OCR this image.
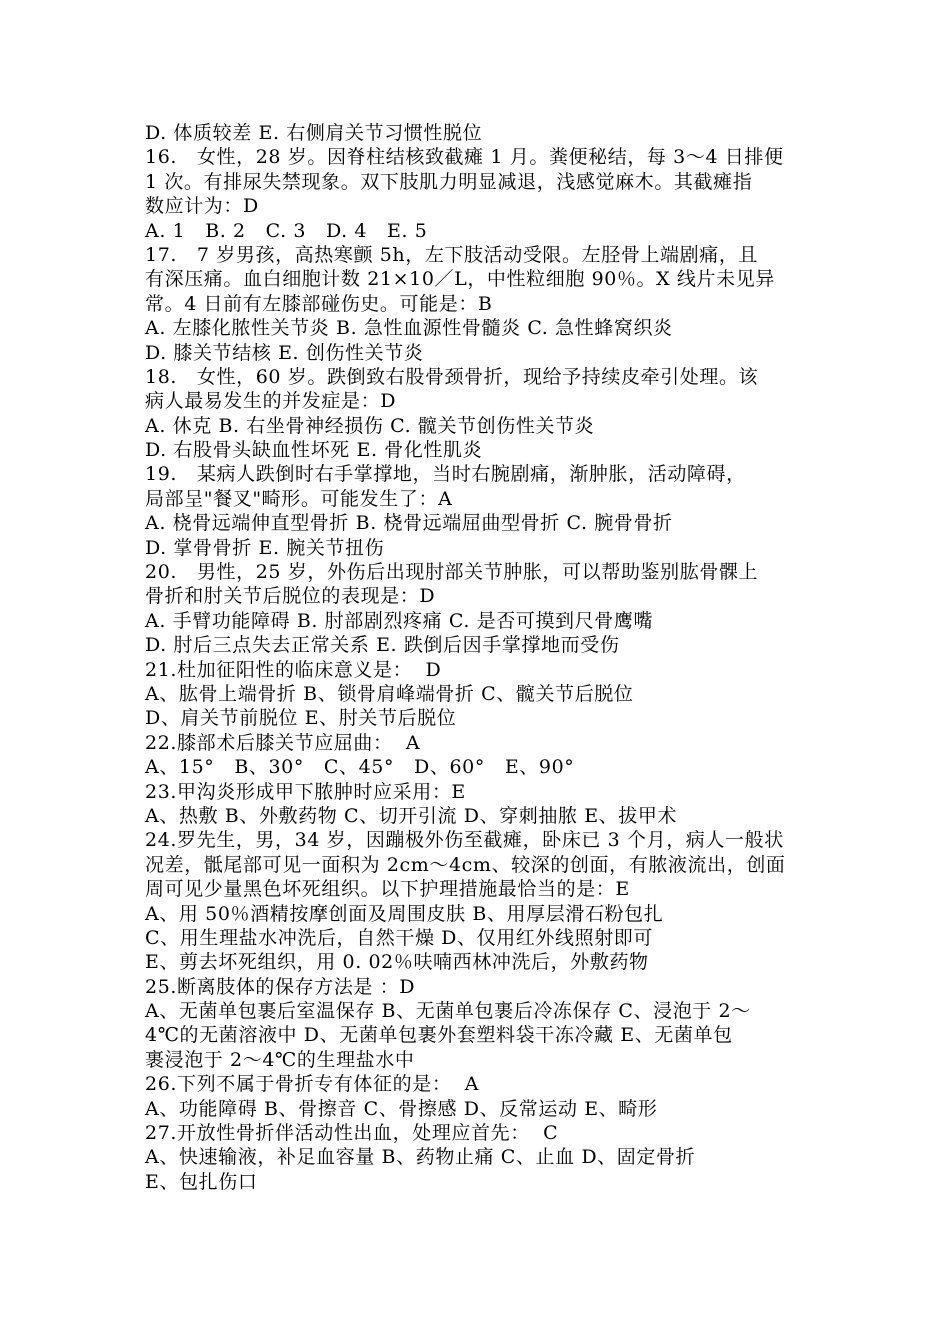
D. 体质较差 E. 右侧肩关节习惯性脱位
16.   女性，28 岁。因脊柱结核致截瘫 1 月。粪便秘结，每 3～4 日排便
1 次。有排尿失禁现象。双下肢肌力明显减退，浅感觉麻木。其截瘫指
数应计为：D
A. 1   B. 2   C. 3   D. 4   E. 5
17.   7 岁男孩，高热寒颤 5h，左下肢活动受限。左胫骨上端剧痛，且
有深压痛。血白细胞计数 21×10／L，中性粒细胞 90％。X 线片未见异
常。4 日前有左膝部碰伤史。可能是：B
A. 左膝化脓性关节炎 B. 急性血源性骨髓炎 C. 急性蜂窝织炎
D. 膝关节结核 E. 创伤性关节炎
18.   女性，60 岁。跌倒致右股骨颈骨折，现给予持续皮牵引处理。该
病人最易发生的并发症是：D
A. 休克 B. 右坐骨神经损伤 C. 髋关节创伤性关节炎
D. 右股骨头缺血性坏死 E. 骨化性肌炎
19.   某病人跌倒时右手掌撑地，当时右腕剧痛，渐肿胀，活动障碍，
局部呈"餐叉"畸形。可能发生了：A
A. 桡骨远端伸直型骨折 B. 桡骨远端屈曲型骨折 C. 腕骨骨折
D. 掌骨骨折 E. 腕关节扭伤
20.   男性，25 岁，外伤后出现肘部关节肿胀，可以帮助鉴别肱骨髁上
骨折和肘关节后脱位的表现是：D
A. 手臂功能障碍 B. 肘部剧烈疼痛 C. 是否可摸到尺骨鹰嘴
D. 肘后三点失去正常关系 E. 跌倒后因手掌撑地而受伤
21.杜加征阳性的临床意义是：  D
A、肱骨上端骨折 B、锁骨肩峰端骨折 C、髋关节后脱位
D、肩关节前脱位 E、肘关节后脱位
22.膝部术后膝关节应屈曲：  A
A、15°   B、30°   C、45°   D、60°   E、90°
23.甲沟炎形成甲下脓肿时应采用：E
A、热敷 B、外敷药物 C、切开引流 D、穿刺抽脓 E、拔甲术
24.罗先生，男，34 岁，因蹦极外伤至截瘫，卧床已 3 个月，病人一般状
况差，骶尾部可见一面积为 2cm～4cm、较深的创面，有脓液流出，创面
周可见少量黑色坏死组织。以下护理措施最恰当的是：E
A、用 50％酒精按摩创面及周围皮肤 B、用厚层滑石粉包扎
C、用生理盐水冲洗后，自然干燥 D、仅用红外线照射即可
E、剪去坏死组织，用 0. 02％呋喃西林冲洗后，外敷药物
25.断离肢体的保存方法是 ：D
A、无菌单包裹后室温保存 B、无菌单包裹后冷冻保存 C、浸泡于 2～
4℃的无菌溶液中 D、无菌单包裹外套塑料袋干冻冷藏 E、无菌单包
裹浸泡于 2～4℃的生理盐水中
26.下列不属于骨折专有体征的是：  A
A、功能障碍 B、骨擦音 C、骨擦感 D、反常运动 E、畸形
27.开放性骨折伴活动性出血，处理应首先：  C
A、快速输液，补足血容量 B、药物止痛 C、止血 D、固定骨折
E、包扎伤口
